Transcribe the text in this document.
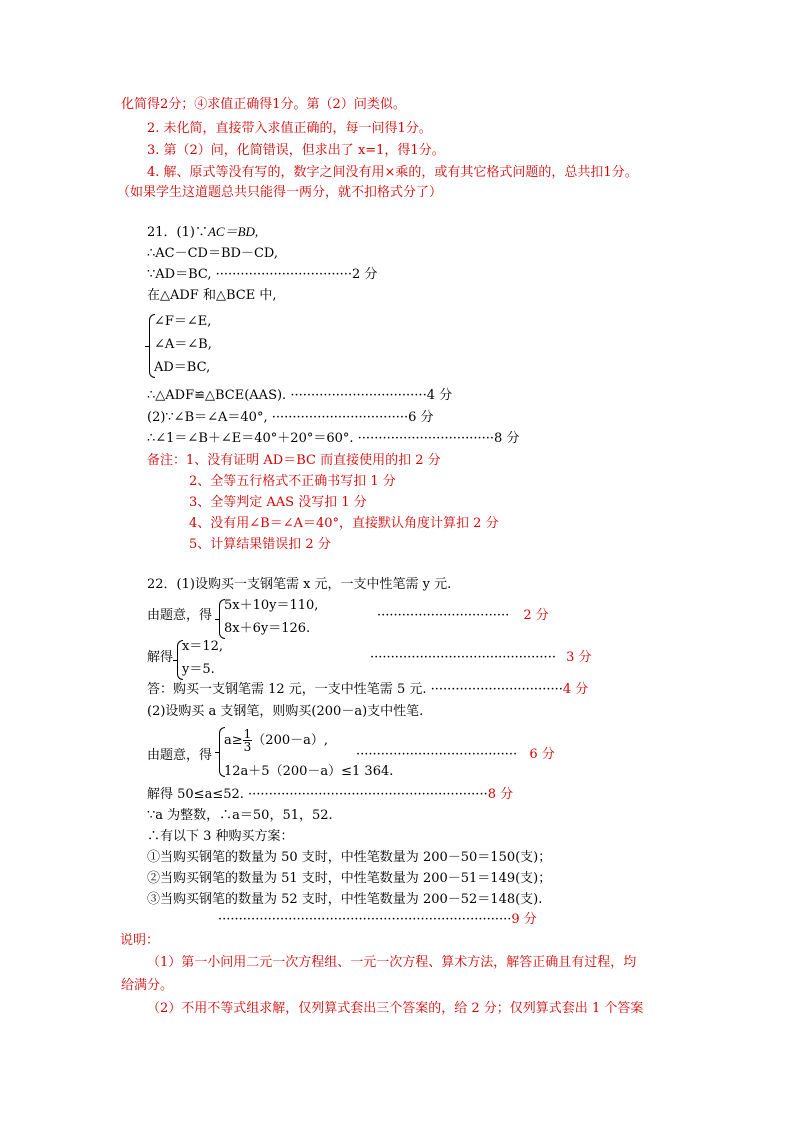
化简得2分；④求值正确得1分。第（2）问类似。
2. 未化简，直接带入求值正确的，每一问得1分。
3. 第（2）问，化简错误，但求出了 x=1，得1分。
4. 解、原式等没有写的，数字之间没有用×乘的，或有其它格式问题的，总共扣1分。
（如果学生这道题总共只能得一两分，就不扣格式分了）
21．(1)∵AC＝BD,
∴AC－CD＝BD－CD,
∵AD＝BC, ·································2 分
在△ADF 和△BCE 中,
∠F＝∠E,
∠A＝∠B,
AD＝BC,
∴△ADF≌△BCE(AAS). ·································4 分
(2)∵∠B＝∠A＝40°, ·································6 分
∴∠1＝∠B＋∠E＝40°＋20°＝60°. ·································8 分
备注：1、没有证明 AD＝BC 而直接使用的扣 2 分
2、全等五行格式不正确书写扣 1 分
3、全等判定 AAS 没写扣 1 分
4、没有用∠B＝∠A＝40°，直接默认角度计算扣 2 分
5、计算结果错误扣 2 分
22．(1)设购买一支钢笔需 x 元，一支中性笔需 y 元.
由题意，得
5x＋10y＝110,
8x＋6y＝126.
································ 2 分
解得
x＝12,
y＝5.
············································· 3 分
答：购买一支钢笔需 12 元，一支中性笔需 5 元. ································4 分
(2)设购买 a 支钢笔，则购买(200－a)支中性笔.
由题意，得
$a\ge \frac{1}{3} (200-a)$,
12a＋5（200－a）≤1 364.
······································· 6 分
解得 50≤a≤52. ··························································8 分
∵a 为整数，∴a＝50，51，52.
∴有以下 3 种购买方案：
①当购买钢笔的数量为 50 支时，中性笔数量为 200－50＝150(支)；
②当购买钢笔的数量为 51 支时，中性笔数量为 200－51＝149(支)；
③当购买钢笔的数量为 52 支时，中性笔数量为 200－52＝148(支).
·······································································9 分
说明：
（1）第一小问用二元一次方程组、一元一次方程、算术方法，解答正确且有过程，均
给满分。
（2）不用不等式组求解，仅列算式套出三个答案的，给 2 分；仅列算式套出 1 个答案
